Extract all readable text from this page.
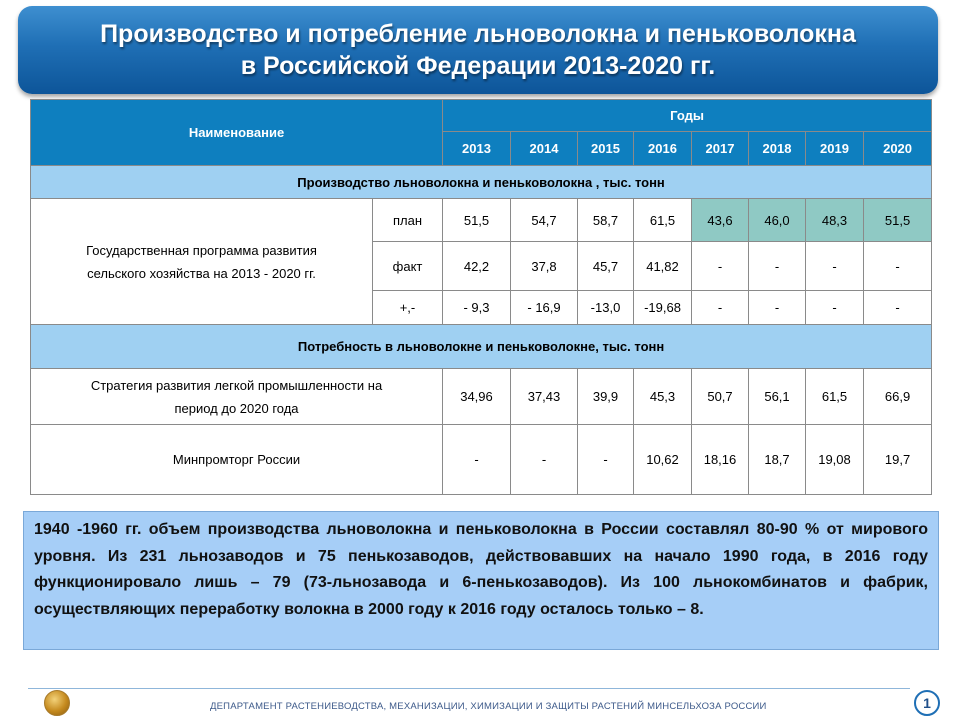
Производство и потребление льноволокна и пеньковолокна
в Российской Федерации 2013-2020 гг.
Наименование		Годы							
		2013	2014	2015	2016	2017	2018	2019	2020
Производство льноволокна и пеньковолокна , тыс. тонн									

Государственная программа развития
сельского хозяйства на 2013 - 2020 гг.	план	51,5	54,7	58,7	61,5	43,6	46,0	48,3	51,5
	факт	42,2	37,8	45,7	41,82	-	-	-	-
	+,-	- 9,3	- 16,9	-13,0	-19,68	-	-	-	-
Потребность в льноволокне и пеньковолокне, тыс. тонн									

Стратегия развития легкой промышленности на
период до 2020 года		34,96	37,43	39,9	45,3	50,7	56,1	61,5	66,9
Минпромторг России		-	-	-	10,62	18,16	18,7	19,08	19,7
1940 -1960 гг. объем производства льноволокна и пеньковолокна в России составлял 80-90 % от мирового уровня. Из 231 льнозаводов и 75 пенькозаводов, действовавших на начало 1990 года, в 2016 году функционировало лишь – 79 (73-льнозавода и 6-пенькозаводов). Из 100 льнокомбинатов и фабрик, осуществляющих переработку волокна в 2000 году к 2016 году осталось только – 8.
ДЕПАРТАМЕНТ РАСТЕНИЕВОДСТВА, МЕХАНИЗАЦИИ, ХИМИЗАЦИИ И ЗАЩИТЫ РАСТЕНИЙ МИНСЕЛЬХОЗА РОССИИ	1
